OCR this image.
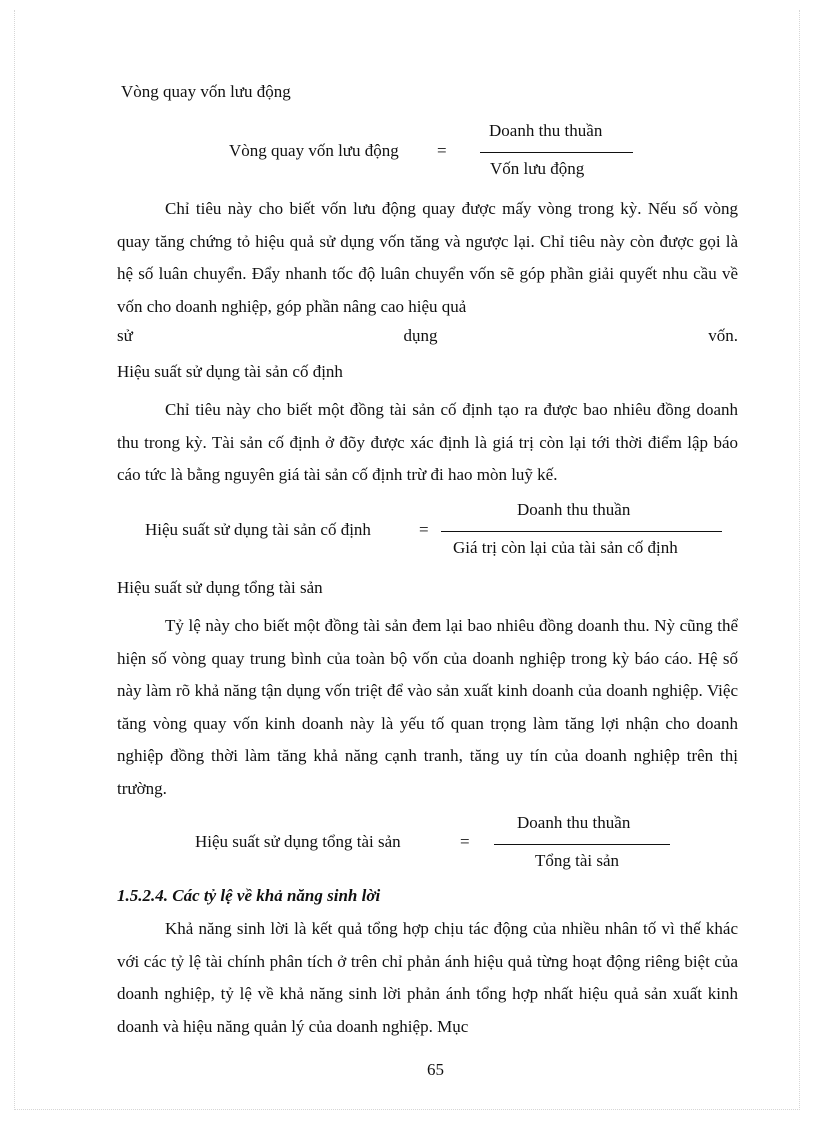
Vòng quay vốn lưu động
Vòng quay vốn lưu động =
Doanh thu thuần
Vốn lưu động
Chỉ tiêu này cho biết vốn lưu động quay được mấy vòng trong kỳ. Nếu số vòng quay tăng chứng tỏ hiệu quả sử dụng vốn tăng và ngược lại. Chỉ tiêu này còn được gọi là hệ số luân chuyển. Đẩy nhanh tốc độ luân chuyển vốn sẽ góp phần giải quyết nhu cầu về vốn cho doanh nghiệp, góp phần nâng cao hiệu quả
sử	dụng	vốn.
Hiệu suất sử dụng tài sản cố định
Chỉ tiêu này cho biết một đồng tài sản cố định tạo ra được bao nhiêu đồng doanh thu trong kỳ. Tài sản cố định ở đõy được xác định là giá trị còn lại tới thời điểm lập báo cáo tức là bằng nguyên giá tài sản cố định trừ đi hao mòn luỹ kế.
Hiệu suất sử dụng tài sản cố định	=
Doanh thu thuần
Giá trị còn lại của tài sản cố định
Hiệu suất sử dụng tổng tài sản
Tỷ lệ này cho biết một đồng tài sản đem lại bao nhiêu đồng doanh thu. Nỳ cũng thể hiện số vòng quay trung bình của toàn bộ vốn của doanh nghiệp trong kỳ báo cáo. Hệ số này làm rõ khả năng tận dụng vốn triệt để vào sản xuất kinh doanh của doanh nghiệp. Việc tăng vòng quay vốn kinh doanh này là yếu tố quan trọng làm tăng lợi nhận cho doanh nghiệp đồng thời làm tăng khả năng cạnh tranh, tăng uy tín của doanh nghiệp trên thị trường.
Hiệu suất sử dụng tổng tài sản	=
Doanh thu thuần
Tổng tài sản
1.5.2.4. Các tỷ lệ về khả năng sinh lời
Khả năng sinh lời là kết quả tổng hợp chịu tác động của nhiều nhân tố vì thế khác với các tỷ lệ tài chính phân tích ở trên chỉ phản ánh hiệu quả từng hoạt động riêng biệt của doanh nghiệp, tỷ lệ về khả năng sinh lời phản ánh tổng hợp nhất hiệu quả sản xuất kinh doanh và hiệu năng quản lý của doanh nghiệp. Mục
65
